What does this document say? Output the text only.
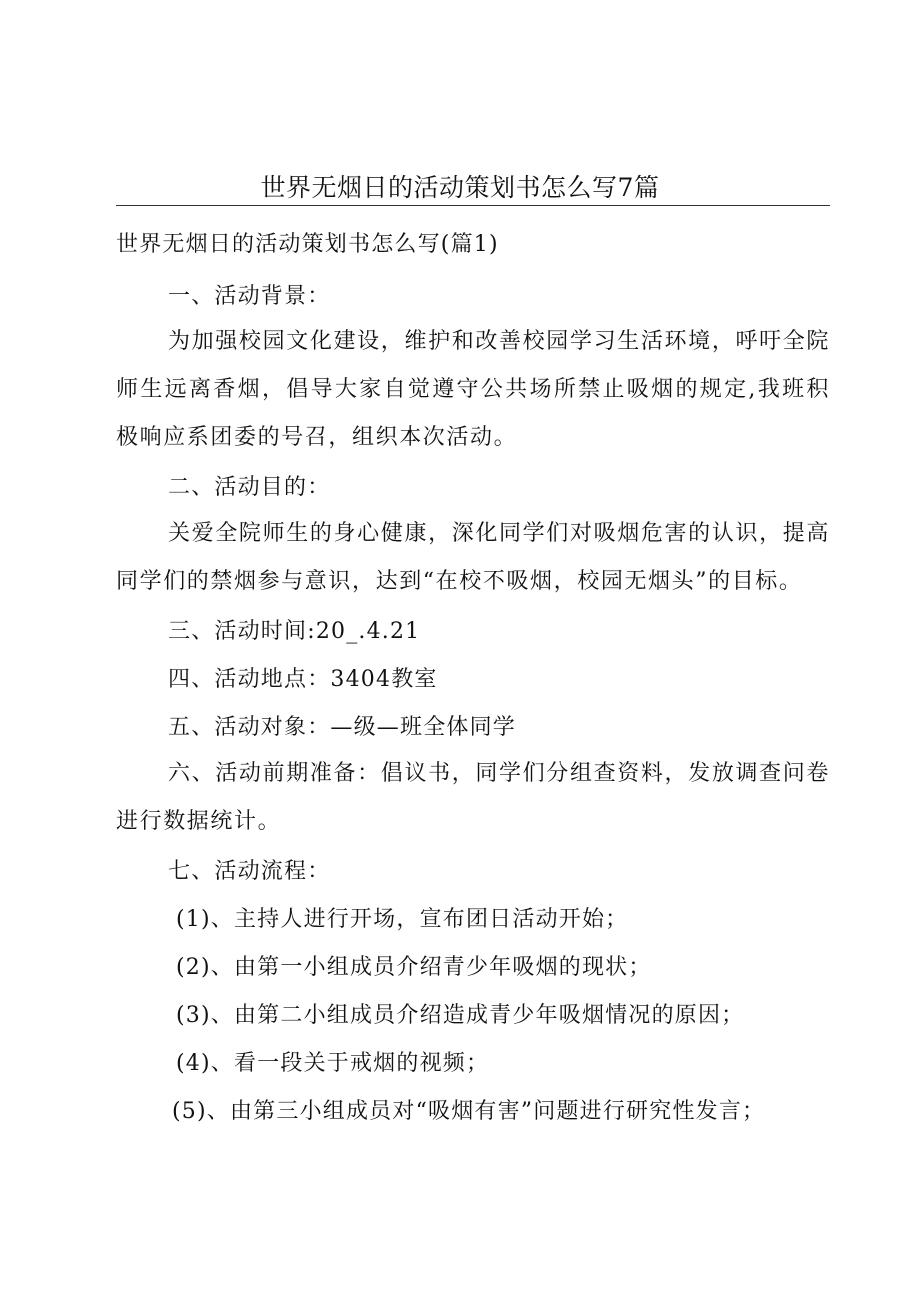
世界无烟日的活动策划书怎么写7篇
世界无烟日的活动策划书怎么写(篇1)
一、活动背景：
为加强校园文化建设，维护和改善校园学习生活环境，呼吁全院师生远离香烟，倡导大家自觉遵守公共场所禁止吸烟的规定,我班积极响应系团委的号召，组织本次活动。
二、活动目的：
关爱全院师生的身心健康，深化同学们对吸烟危害的认识，提高同学们的禁烟参与意识，达到“在校不吸烟，校园无烟头”的目标。
三、活动时间:20_.4.21
四、活动地点：3404教室
五、活动对象：—级—班全体同学
六、活动前期准备：倡议书，同学们分组查资料，发放调查问卷进行数据统计。
七、活动流程：
(1)、主持人进行开场，宣布团日活动开始；
(2)、由第一小组成员介绍青少年吸烟的现状；
(3)、由第二小组成员介绍造成青少年吸烟情况的原因；
(4)、看一段关于戒烟的视频；
(5)、由第三小组成员对“吸烟有害”问题进行研究性发言；
